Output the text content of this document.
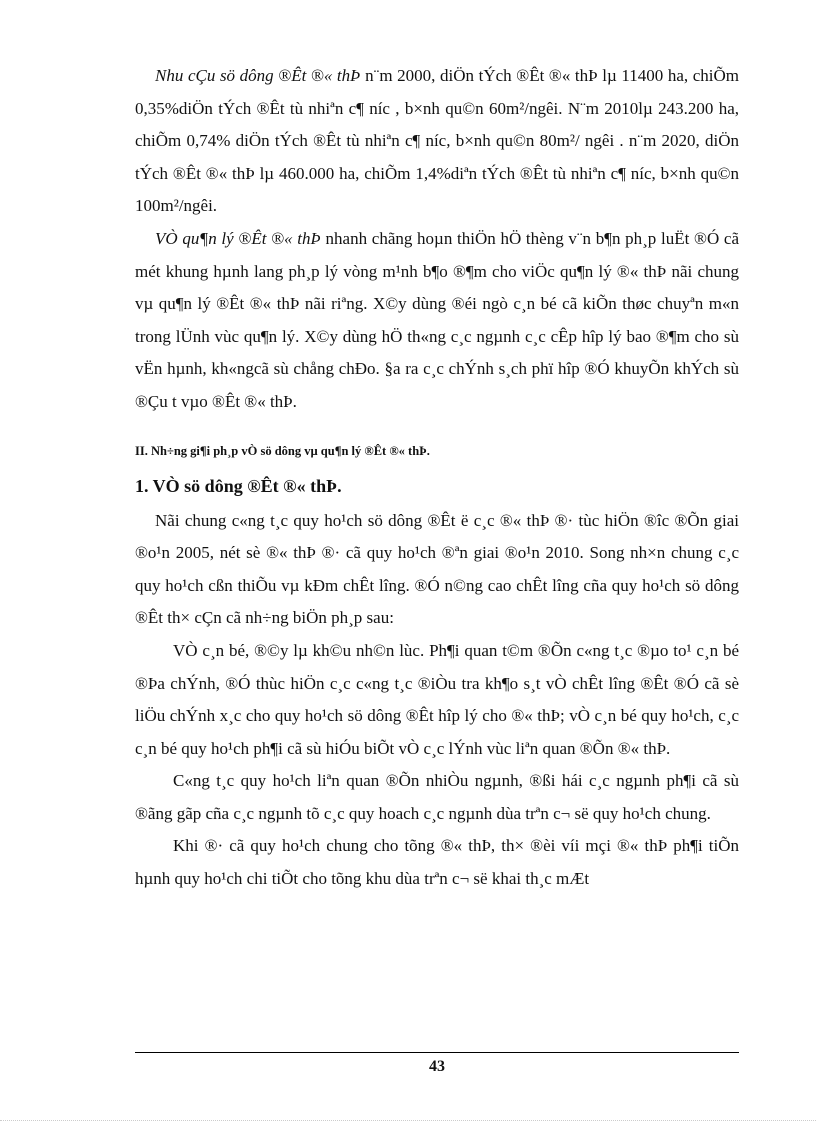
Nhu cÇu sö dông ®Êt ®« thÞ n¨m 2000, diÖn tÝch ®Êt ®« thÞ lµ 11400 ha, chiÕm 0,35%diÖn tÝch ®Êt tù nhiªn c¶ níc , b×nh qu©n 60m²/ngêi. N¨m 2010lµ 243.200 ha, chiÕm 0,74% diÖn tÝch ®Êt tù nhiªn c¶ níc, b×nh qu©n 80m²/ ngêi . n¨m 2020, diÖn tÝch ®Êt ®« thÞ lµ 460.000 ha, chiÕm 1,4%diªn tÝch ®Êt tù nhiªn c¶ níc, b×nh qu©n 100m²/ngêi.

VÒ qu¶n lý ®Êt ®« thÞ nhanh chãng hoµn thiÖn hÖ thèng v¨n b¶n ph¸p luËt ®Ó cã mét khung hµnh lang ph¸p lý vòng m¹nh b¶o ®¶m cho viÖc qu¶n lý ®« thÞ nãi chung vµ qu¶n lý ®Êt ®« thÞ nãi riªng. X©y dùng ®éi ngò c¸n bé cã kiÕn thøc chuyªn m«n trong lÜnh vùc qu¶n lý. X©y dùng hÖ th«ng c¸c ngµnh c¸c cÊp hîp lý bao ®¶m cho sù vËn hµnh, kh«ngcã sù chång chÐo. §a ra c¸c chÝnh s¸ch phï hîp ®Ó khuyÕn khÝch sù ®Çu t vµo ®Êt ®« thÞ.

II. Nh÷ng gi¶i ph¸p vÒ sö dông vµ qu¶n lý ®Êt ®« thÞ.
1. VÒ sö dông ®Êt ®« thÞ.

Nãi chung c«ng t¸c quy ho¹ch sö dông ®Êt ë c¸c ®« thÞ ®· tùc hiÖn ®îc ®Õn giai ®o¹n 2005, nét sè ®« thÞ ®· cã quy ho¹ch ®ªn giai ®o¹n 2010. Song nh×n chung c¸c quy ho¹ch cßn thiÕu vµ kÐm chÊt lîng. ®Ó n©ng cao chÊt lîng cña quy ho¹ch sö dông ®Êt th× cÇn cã nh÷ng biÖn ph¸p sau:

VÒ c¸n bé, ®©y lµ kh©u nh©n lùc. Ph¶i quan t©m ®Õn c«ng t¸c ®µo to¹ c¸n bé ®Þa chÝnh, ®Ó thùc hiÖn c¸c c«ng t¸c ®iÒu tra kh¶o s¸t vÒ chÊt lîng ®Êt ®Ó cã sè liÖu chÝnh x¸c cho quy ho¹ch sö dông ®Êt hîp lý cho ®« thÞ; vÒ c¸n bé quy ho¹ch, c¸c c¸n bé quy ho¹ch ph¶i cã sù hiÓu biÕt vÒ c¸c lÝnh vùc liªn quan ®Õn ®« thÞ.

C«ng t¸c quy ho¹ch liªn quan ®Õn nhiÒu ngµnh, ®ßi hái c¸c ngµnh ph¶i cã sù ®ãng gãp cña c¸c ngµnh tõ c¸c quy hoach c¸c ngµnh dùa trªn c¬ së quy ho¹ch chung.

Khi ®· cã quy ho¹ch chung cho tõng ®« thÞ, th× ®èi víi mçi ®« thÞ ph¶i tiÕn hµnh quy ho¹ch chi tiÕt cho tõng khu dùa trªn c¬ së khai th¸c mÆt

43
